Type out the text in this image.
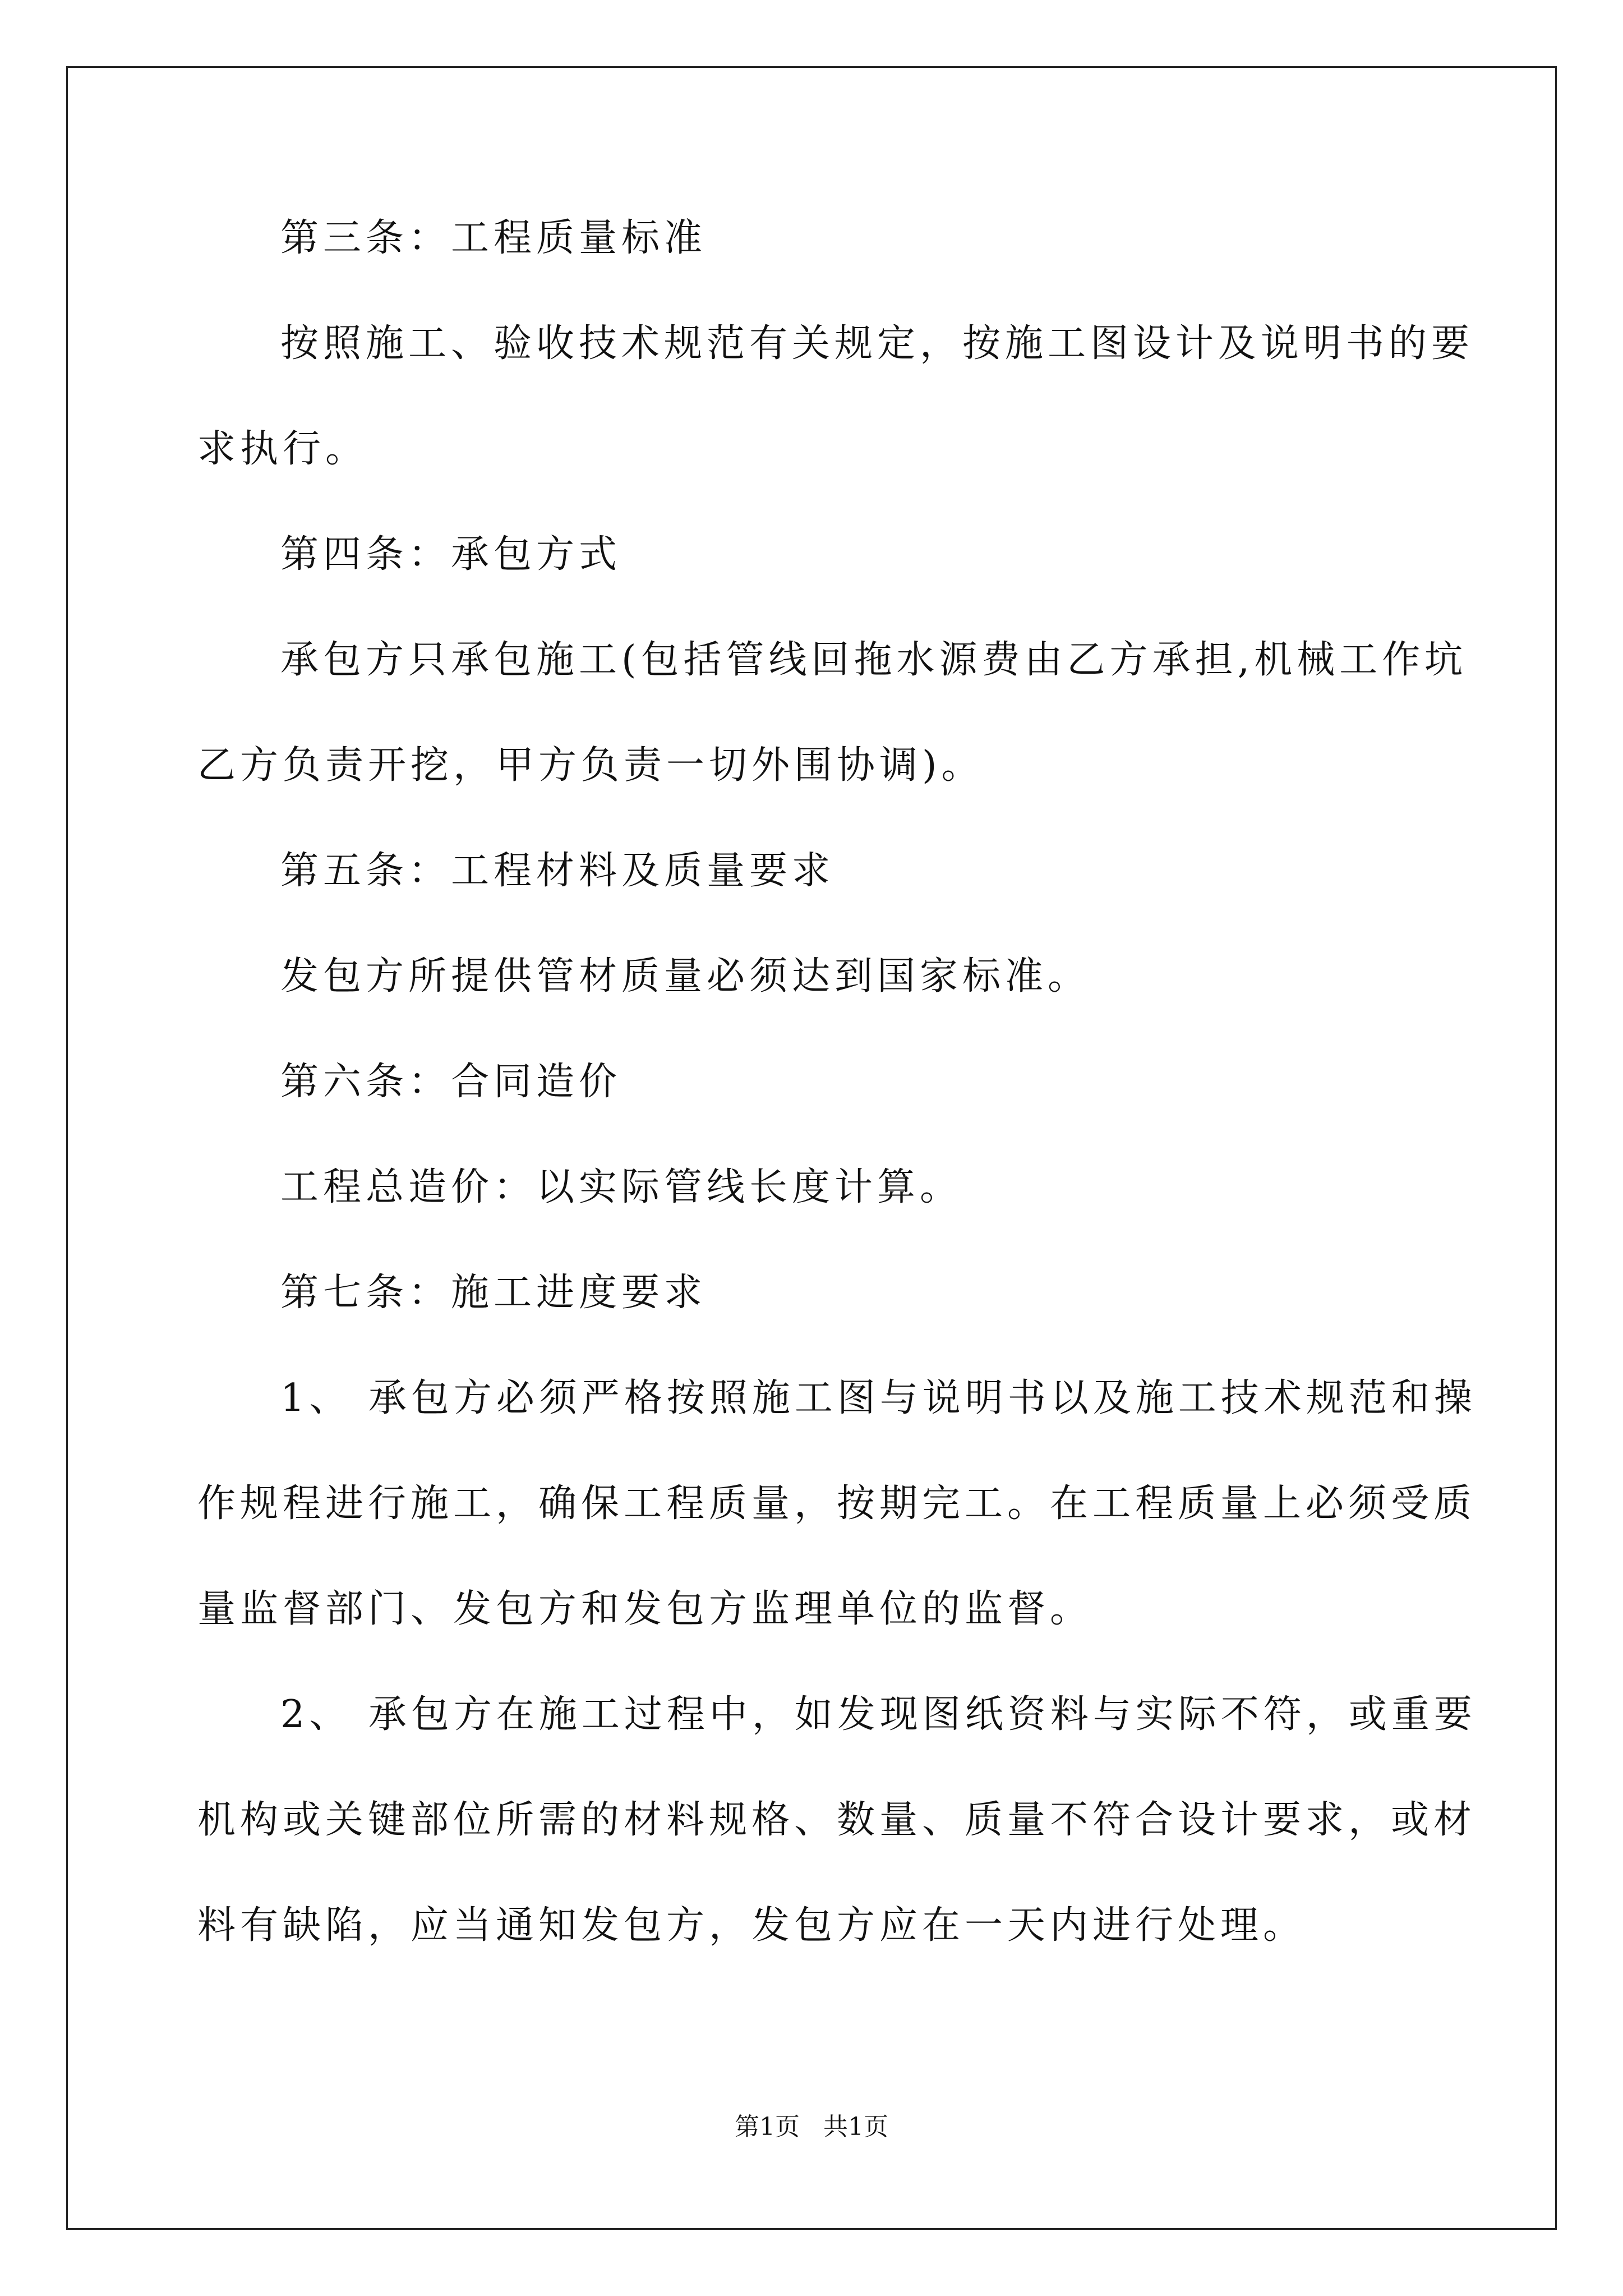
第三条：工程质量标准
按照施工、验收技术规范有关规定，按施工图设计及说明书的要
求执行。
第四条：承包方式
承包方只承包施工(包括管线回拖水源费由乙方承担,机械工作坑
乙方负责开挖，甲方负责一切外围协调)。
第五条：工程材料及质量要求
发包方所提供管材质量必须达到国家标准。
第六条：合同造价
工程总造价：以实际管线长度计算。
第七条：施工进度要求
1、 承包方必须严格按照施工图与说明书以及施工技术规范和操
作规程进行施工，确保工程质量，按期完工。在工程质量上必须受质
量监督部门、发包方和发包方监理单位的监督。
2、 承包方在施工过程中，如发现图纸资料与实际不符，或重要
机构或关键部位所需的材料规格、数量、质量不符合设计要求，或材
料有缺陷，应当通知发包方，发包方应在一天内进行处理。
第1页   共1页
